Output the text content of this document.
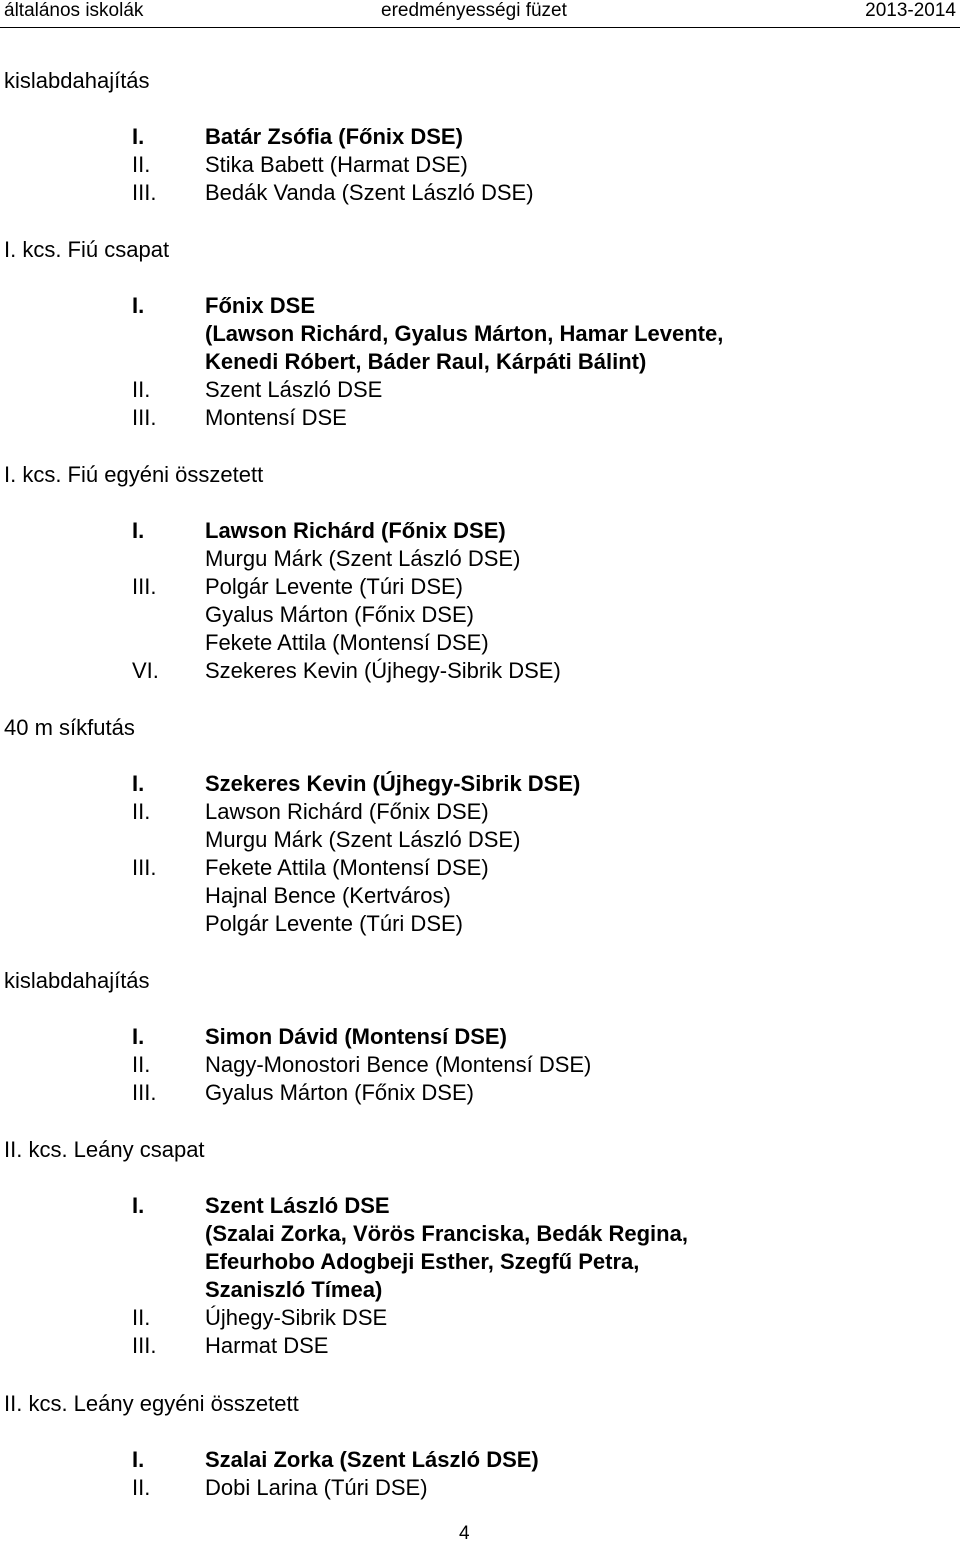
általános iskolák	eredményességi füzet	2013-2014
kislabdahajítás
I.	Batár Zsófia (Főnix DSE)
II. Stika Babett (Harmat DSE)
III. Bedák Vanda (Szent László DSE)
I. kcs. Fiú csapat
I.	Főnix DSE
(Lawson Richárd, Gyalus Márton, Hamar Levente,
Kenedi Róbert, Báder Raul, Kárpáti Bálint)
II. Szent László DSE
III. Montensí DSE
I. kcs. Fiú egyéni összetett
I.	Lawson Richárd (Főnix DSE)
Murgu Márk (Szent László DSE)
III. Polgár Levente (Túri DSE)
Gyalus Márton (Főnix DSE)
Fekete Attila (Montensí DSE)
VI. Szekeres Kevin (Újhegy-Sibrik DSE)
40 m síkfutás
I.	Szekeres Kevin (Újhegy-Sibrik DSE)
II. Lawson Richárd (Főnix DSE)
Murgu Márk (Szent László DSE)
III. Fekete Attila (Montensí DSE)
Hajnal Bence (Kertváros)
Polgár Levente (Túri DSE)
kislabdahajítás
I.	Simon Dávid (Montensí DSE)
II. Nagy-Monostori Bence (Montensí DSE)
III. Gyalus Márton (Főnix DSE)
II. kcs. Leány csapat
I.	Szent László DSE
(Szalai Zorka, Vörös Franciska, Bedák Regina,
Efeurhobo Adogbeji Esther, Szegfű Petra,
Szaniszló Tímea)
II. Újhegy-Sibrik DSE
III. Harmat DSE
II. kcs. Leány egyéni összetett
I.	Szalai Zorka (Szent László DSE)
II. Dobi Larina (Túri DSE)
4
